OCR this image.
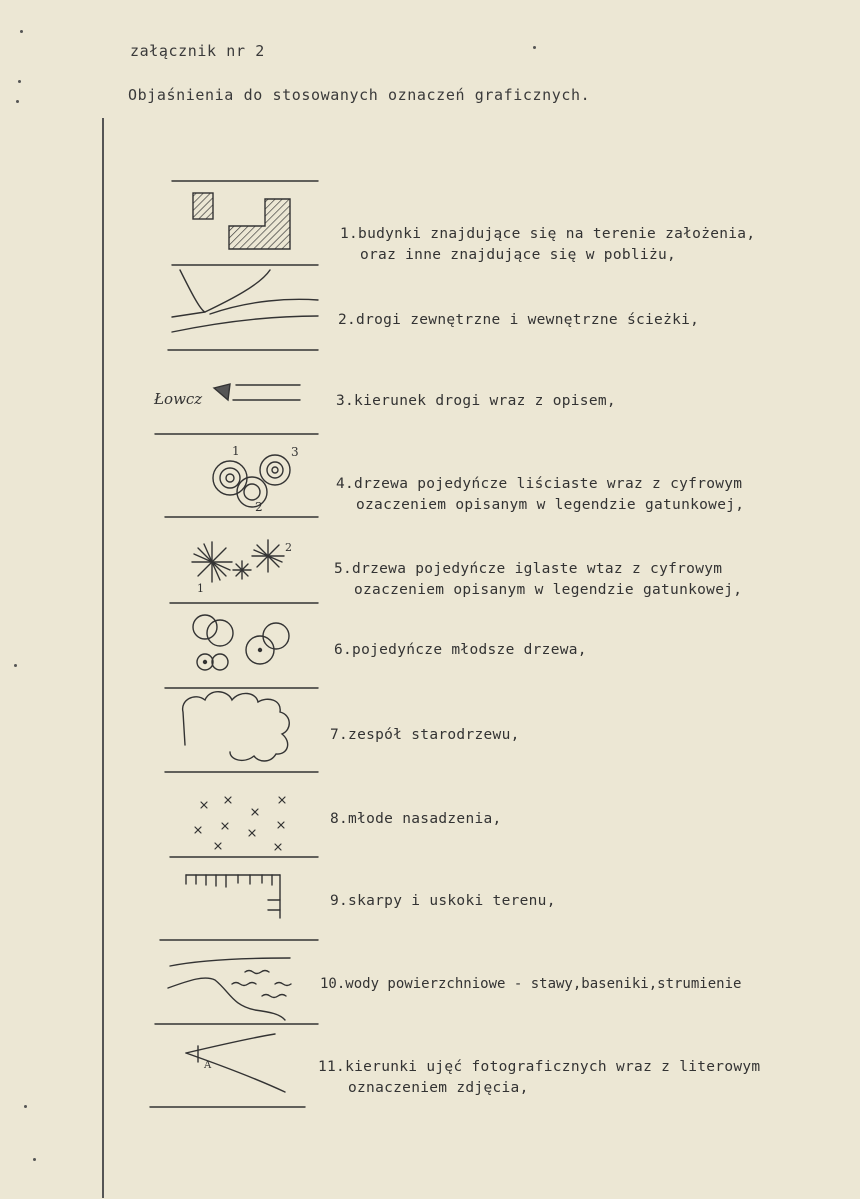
załącznik nr 2
Objaśnienia do stosowanych oznaczeń graficznych.
Łowcz
1
2
3
1
2
A
1.budynki znajdujące się na terenie założenia,
oraz inne znajdujące się w pobliżu,
2.drogi zewnętrzne i wewnętrzne ścieżki,
3.kierunek drogi wraz z opisem,
4.drzewa pojedyńcze liściaste wraz z cyfrowym
ozaczeniem opisanym w legendzie gatunkowej,
5.drzewa pojedyńcze iglaste wtaz z cyfrowym
ozaczeniem opisanym w legendzie gatunkowej,
6.pojedyńcze młodsze drzewa,
7.zespół starodrzewu,
8.młode nasadzenia,
9.skarpy i uskoki terenu,
10.wody powierzchniowe - stawy,baseniki,strumienie
11.kierunki ujęć fotograficznych wraz z literowym
oznaczeniem zdjęcia,
